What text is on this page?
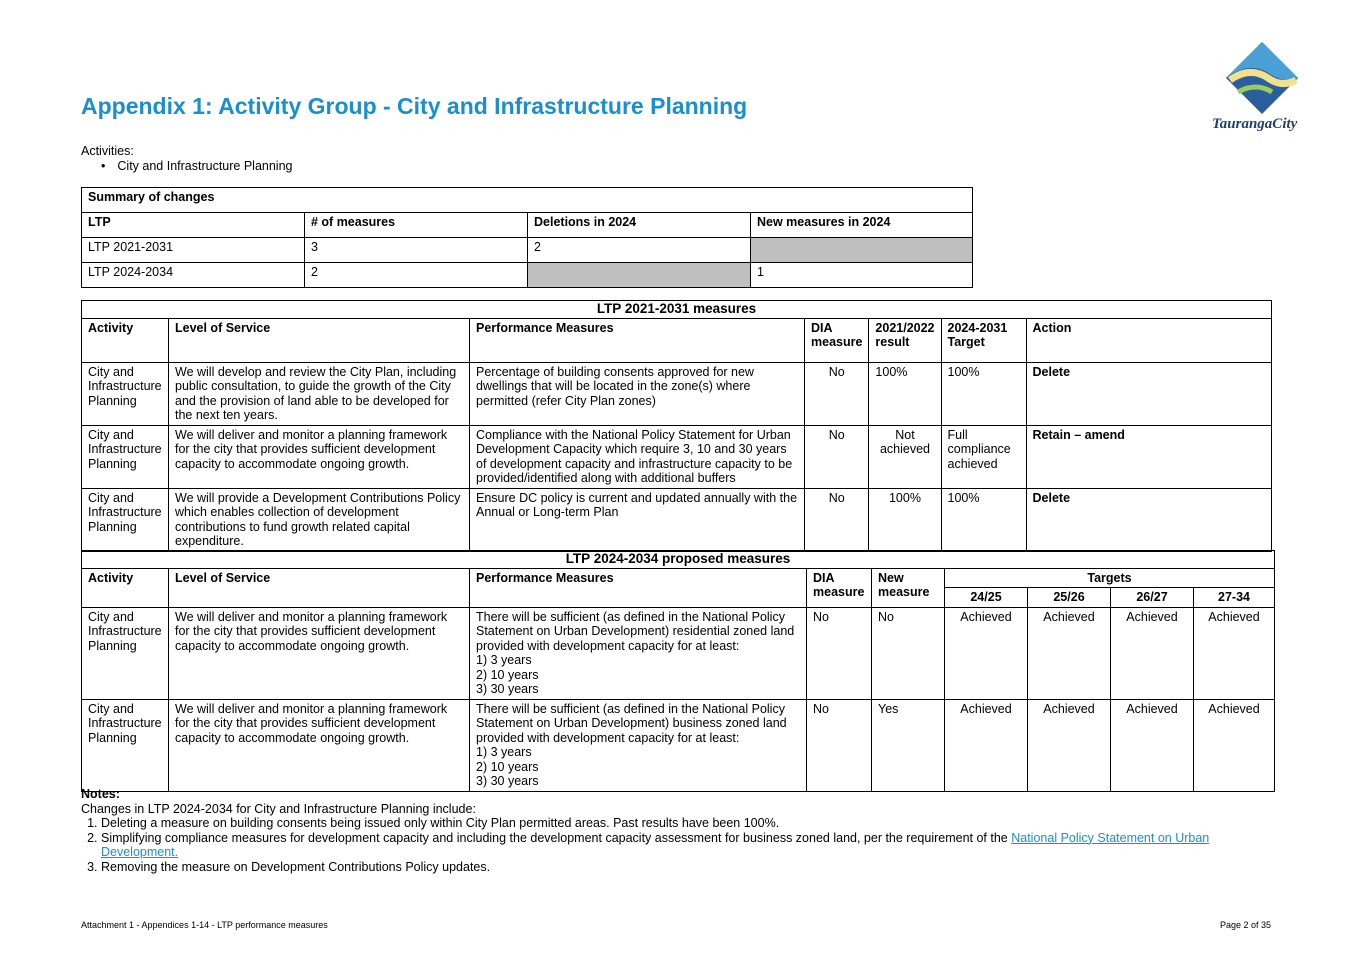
Appendix 1: Activity Group - City and Infrastructure Planning
TaurangaCity
Activities:
• City and Infrastructure Planning
Summary of changes			
LTP	# of measures	Deletions in 2024	New measures in 2024
LTP 2021-2031	3	2	
LTP 2024-2034	2		1
LTP 2021-2031 measures						
Activity	Level of Service	Performance Measures	DIA measure	2021/2022 result	2024-2031 Target	Action
City and Infrastructure Planning	We will develop and review the City Plan, including public consultation, to guide the growth of the City and the provision of land able to be developed for the next ten years.	Percentage of building consents approved for new dwellings that will be located in the zone(s) where permitted (refer City Plan zones)	No	100%	100%	Delete
City and Infrastructure Planning	We will deliver and monitor a planning framework for the city that provides sufficient development capacity to accommodate ongoing growth.	Compliance with the National Policy Statement for Urban Development Capacity which require 3, 10 and 30 years of development capacity and infrastructure capacity to be provided/identified along with additional buffers	No	Not achieved	Full compliance achieved	Retain – amend
City and Infrastructure Planning	We will provide a Development Contributions Policy which enables collection of development contributions to fund growth related capital expenditure.	Ensure DC policy is current and updated annually with the Annual or Long-term Plan	No	100%	100%	Delete
LTP 2024-2034 proposed measures								
Activity	Level of Service	Performance Measures	DIA measure	New measure	Targets			
					24/25	25/26	26/27	27-34
City and Infrastructure Planning	We will deliver and monitor a planning framework for the city that provides sufficient development capacity to accommodate ongoing growth.	There will be sufficient (as defined in the National Policy Statement on Urban Development) residential zoned land provided with development capacity for at least:
1) 3 years
2) 10 years
3) 30 years	No	No	Achieved	Achieved	Achieved	Achieved
City and Infrastructure Planning	We will deliver and monitor a planning framework for the city that provides sufficient development capacity to accommodate ongoing growth.	There will be sufficient (as defined in the National Policy Statement on Urban Development) business zoned land provided with development capacity for at least:
1) 3 years
2) 10 years
3) 30 years	No	Yes	Achieved	Achieved	Achieved	Achieved
Notes:
Changes in LTP 2024-2034 for City and Infrastructure Planning include:
1. Deleting a measure on building consents being issued only within City Plan permitted areas. Past results have been 100%.
2. Simplifying compliance measures for development capacity and including the development capacity assessment for business zoned land, per the requirement of the National Policy Statement on Urban Development.
3. Removing the measure on Development Contributions Policy updates.
Attachment 1 - Appendices 1-14 - LTP performance measures	Page 2 of 35
